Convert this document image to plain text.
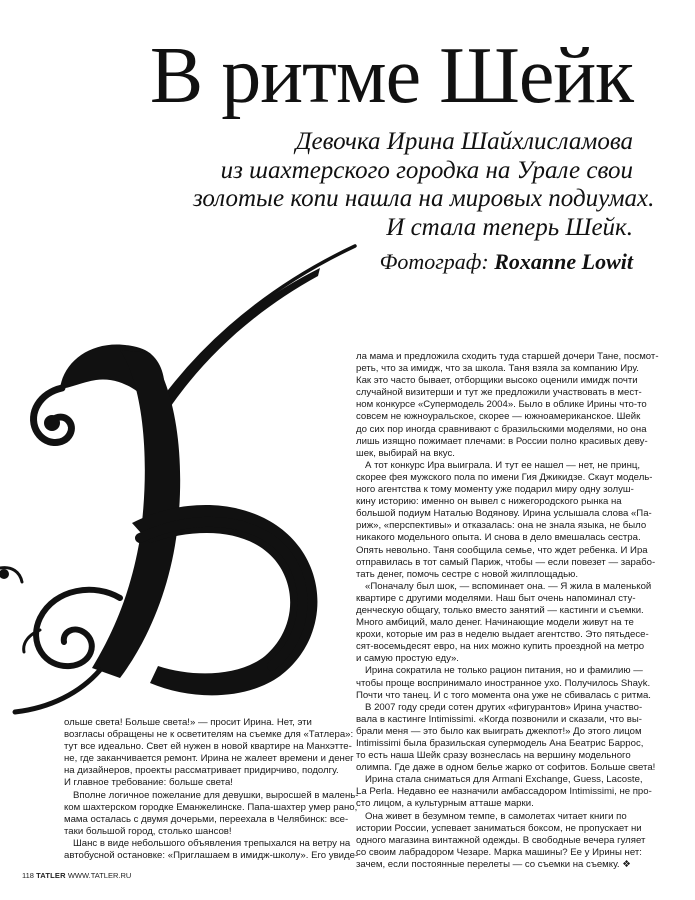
В ритме Шейк
Девочка Ирина Шайхлисламова
из шахтерского городка на Урале свои
золотые копи нашла на мировых подиумах.
И стала теперь Шейк.
Фотограф: Roxanne Lowit

ольше света! Больше света!» — просит Ирина. Нет, эти
возгласы обращены не к осветителям на съемке для «Татлера»:
тут все идеально. Свет ей нужен в новой квартире на Манхэтте-
не, где заканчивается ремонт. Ирина не жалеет времени и денег
на дизайнеров, проекты рассматривает придирчиво, подолгу.
И главное требование: больше света!

Вполне логичное пожелание для девушки, выросшей в малень-
ком шахтерском городке Еманжелинске. Папа-шахтер умер рано,
мама осталась с двумя дочерьми, переехала в Челябинск: все-
таки большой город, столько шансов!

Шанс в виде небольшого объявления трепыхался на ветру на
автобусной остановке: «Приглашаем в имидж-школу». Его увиде-

ла мама и предложила сходить туда старшей дочери Тане, посмот-
реть, что за имидж, что за школа. Таня взяла за компанию Иру.
Как это часто бывает, отборщики высоко оценили имидж почти
случайной визитерши и тут же предложили участвовать в мест-
ном конкурсе «Супермодель 2004». Было в облике Ирины что-то
совсем не южноуральское, скорее — южноамериканское. Шейк
до сих пор иногда сравнивают с бразильскими моделями, но она
лишь изящно пожимает плечами: в России полно красивых деву-
шек, выбирай на вкус.

А тот конкурс Ира выиграла. И тут ее нашел — нет, не принц,
скорее фея мужского пола по имени Гия Джикидзе. Скаут модель-
ного агентства к тому моменту уже подарил миру одну золуш-
кину историю: именно он вывел с нижегородского рынка на
большой подиум Наталью Водянову. Ирина услышала слова «Па-
риж», «перспективы» и отказалась: она не знала языка, не было
никакого модельного опыта. И снова в дело вмешалась сестра.
Опять невольно. Таня сообщила семье, что ждет ребенка. И Ира
отправилась в тот самый Париж, чтобы — если повезет — зарабо-
тать денег, помочь сестре с новой жилплощадью.

«Поначалу был шок, — вспоминает она. — Я жила в маленькой
квартире с другими моделями. Наш быт очень напоминал сту-
денческую общагу, только вместо занятий — кастинги и съемки.
Много амбиций, мало денег. Начинающие модели живут на те
крохи, которые им раз в неделю выдает агентство. Это пятьдесе-
сят-восемьдесят евро, на них можно купить проездной на метро
и самую простую еду».

Ирина сократила не только рацион питания, но и фамилию —
чтобы проще воспринимало иностранное ухо. Получилось Shayk.
Почти что танец. И с того момента она уже не сбивалась с ритма.

В 2007 году среди сотен других «фигурантов» Ирина участво-
вала в кастинге Intimissimi. «Когда позвонили и сказали, что вы-
брали меня — это было как выиграть джекпот!» До этого лицом
Intimissimi была бразильская супермодель Ана Беатрис Баррос,
то есть наша Шейк сразу вознеслась на вершину модельного
олимпа. Где даже в одном белье жарко от софитов. Больше света!

Ирина стала сниматься для Armani Exchange, Guess, Lacoste,
La Perla. Недавно ее назначили амбассадором Intimissimi, не про-
сто лицом, а культурным атташе марки.

Она живет в безумном темпе, в самолетах читает книги по
истории России, успевает заниматься боксом, не пропускает ни
одного магазина винтажной одежды. В свободные вечера гуляет
со своим лабрадором Чезаре. Марка машины? Ее у Ирины нет:
зачем, если постоянные перелеты — со съемки на съемку. ❖

118 TATLER WWW.TATLER.RU
